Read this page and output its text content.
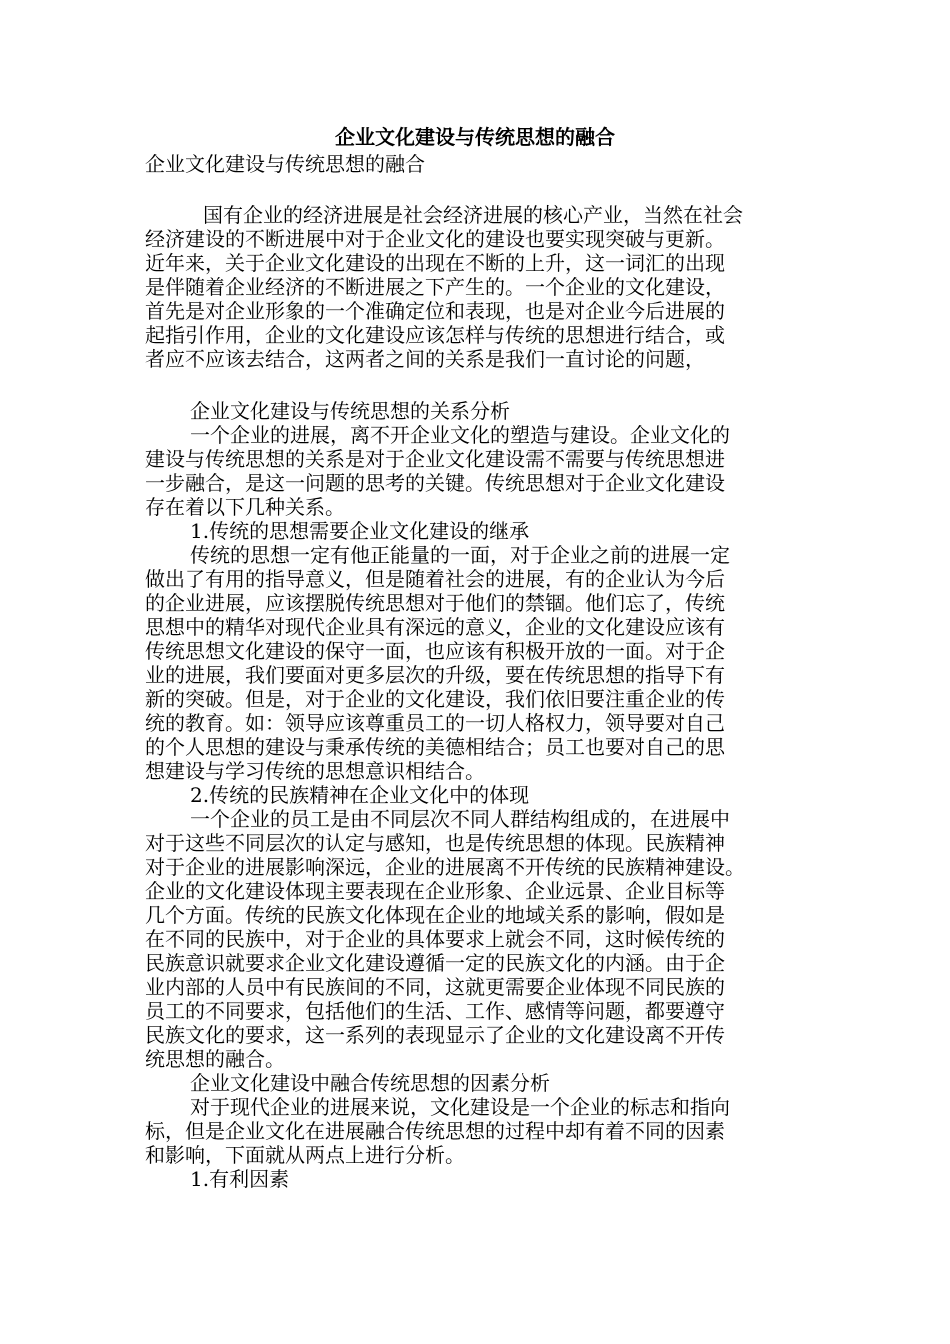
企业文化建设与传统思想的融合
企业文化建设与传统思想的融合
国有企业的经济进展是社会经济进展的核心产业，当然在社会
经济建设的不断进展中对于企业文化的建设也要实现突破与更新。
近年来，关于企业文化建设的出现在不断的上升，这一词汇的出现
是伴随着企业经济的不断进展之下产生的。一个企业的文化建设，
首先是对企业形象的一个准确定位和表现，也是对企业今后进展的
起指引作用，企业的文化建设应该怎样与传统的思想进行结合，或
者应不应该去结合，这两者之间的关系是我们一直讨论的问题，
企业文化建设与传统思想的关系分析
一个企业的进展，离不开企业文化的塑造与建设。企业文化的
建设与传统思想的关系是对于企业文化建设需不需要与传统思想进
一步融合，是这一问题的思考的关键。传统思想对于企业文化建设
存在着以下几种关系。
1.传统的思想需要企业文化建设的继承
传统的思想一定有他正能量的一面，对于企业之前的进展一定
做出了有用的指导意义，但是随着社会的进展，有的企业认为今后
的企业进展，应该摆脱传统思想对于他们的禁锢。他们忘了，传统
思想中的精华对现代企业具有深远的意义，企业的文化建设应该有
传统思想文化建设的保守一面，也应该有积极开放的一面。对于企
业的进展，我们要面对更多层次的升级，要在传统思想的指导下有
新的突破。但是，对于企业的文化建设，我们依旧要注重企业的传
统的教育。如：领导应该尊重员工的一切人格权力，领导要对自己
的个人思想的建设与秉承传统的美德相结合；员工也要对自己的思
想建设与学习传统的思想意识相结合。
2.传统的民族精神在企业文化中的体现
一个企业的员工是由不同层次不同人群结构组成的，在进展中
对于这些不同层次的认定与感知，也是传统思想的体现。民族精神
对于企业的进展影响深远，企业的进展离不开传统的民族精神建设。
企业的文化建设体现主要表现在企业形象、企业远景、企业目标等
几个方面。传统的民族文化体现在企业的地域关系的影响，假如是
在不同的民族中，对于企业的具体要求上就会不同，这时候传统的
民族意识就要求企业文化建设遵循一定的民族文化的内涵。由于企
业内部的人员中有民族间的不同，这就更需要企业体现不同民族的
员工的不同要求，包括他们的生活、工作、感情等问题，都要遵守
民族文化的要求，这一系列的表现显示了企业的文化建设离不开传
统思想的融合。
企业文化建设中融合传统思想的因素分析
对于现代企业的进展来说，文化建设是一个企业的标志和指向
标，但是企业文化在进展融合传统思想的过程中却有着不同的因素
和影响，下面就从两点上进行分析。
1.有利因素
